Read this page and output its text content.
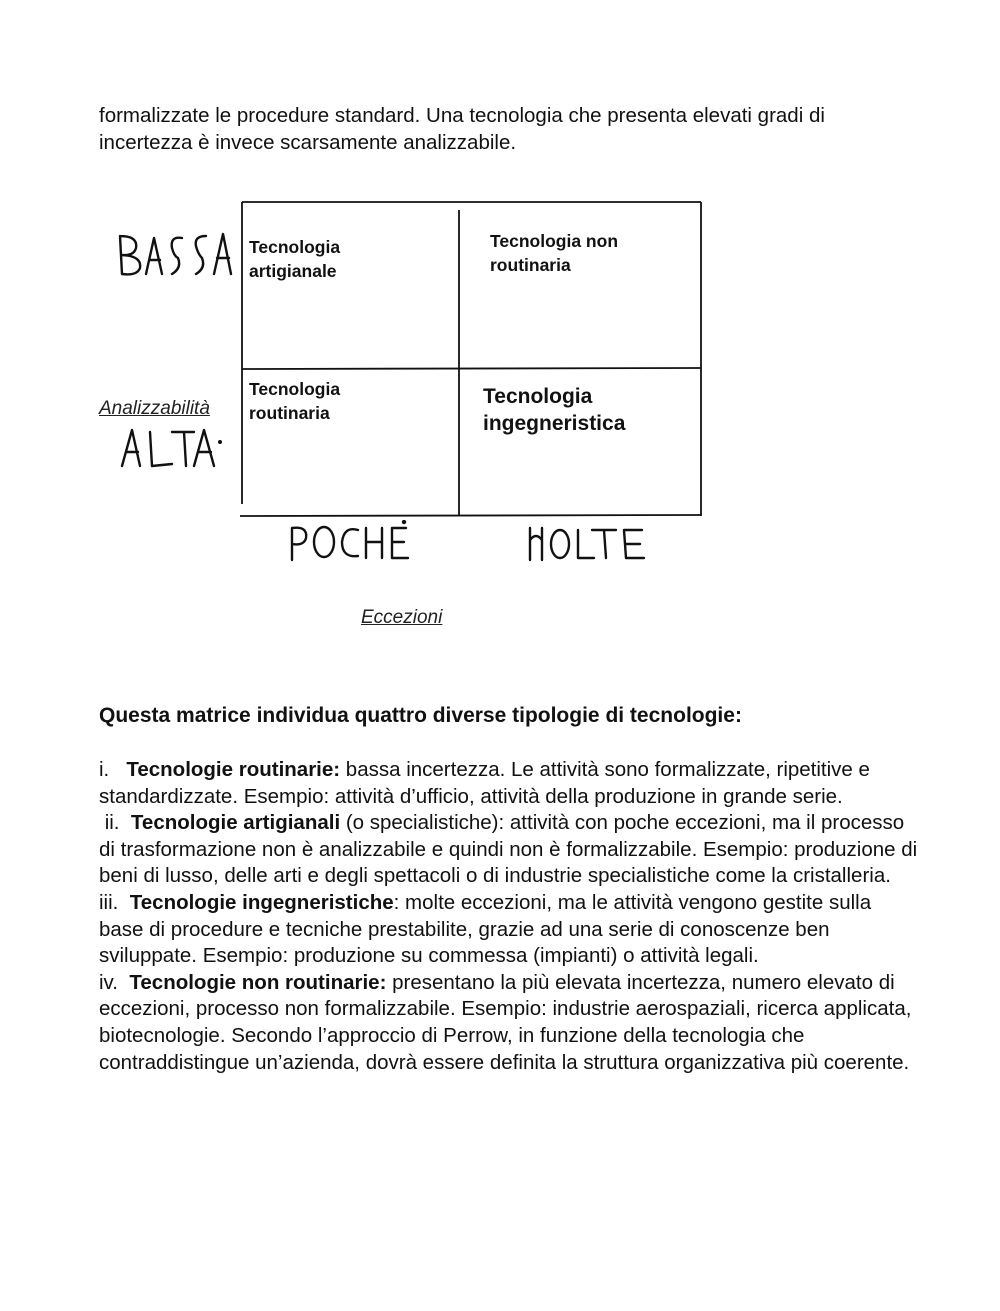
formalizzate le procedure standard. Una tecnologia che presenta elevati gradi di incertezza è invece scarsamente analizzabile.

Tecnologia artigianale
Tecnologia non routinaria
Tecnologia routinaria
Tecnologia ingegneristica
Analizzabilità
Eccezioni

Questa matrice individua quattro diverse tipologie di tecnologie:

i. Tecnologie routinarie: bassa incertezza. Le attività sono formalizzate, ripetitive e standardizzate. Esempio: attività d’ufficio, attività della produzione in grande serie.

ii. Tecnologie artigianali (o specialistiche): attività con poche eccezioni, ma il processo di trasformazione non è analizzabile e quindi non è formalizzabile. Esempio: produzione di beni di lusso, delle arti e degli spettacoli o di industrie specialistiche come la cristalleria.

iii. Tecnologie ingegneristiche: molte eccezioni, ma le attività vengono gestite sulla base di procedure e tecniche prestabilite, grazie ad una serie di conoscenze ben sviluppate. Esempio: produzione su commessa (impianti) o attività legali.

iv. Tecnologie non routinarie: presentano la più elevata incertezza, numero elevato di eccezioni, processo non formalizzabile. Esempio: industrie aerospaziali, ricerca applicata, biotecnologie. Secondo l’approccio di Perrow, in funzione della tecnologia che contraddistingue un’azienda, dovrà essere definita la struttura organizzativa più coerente.
